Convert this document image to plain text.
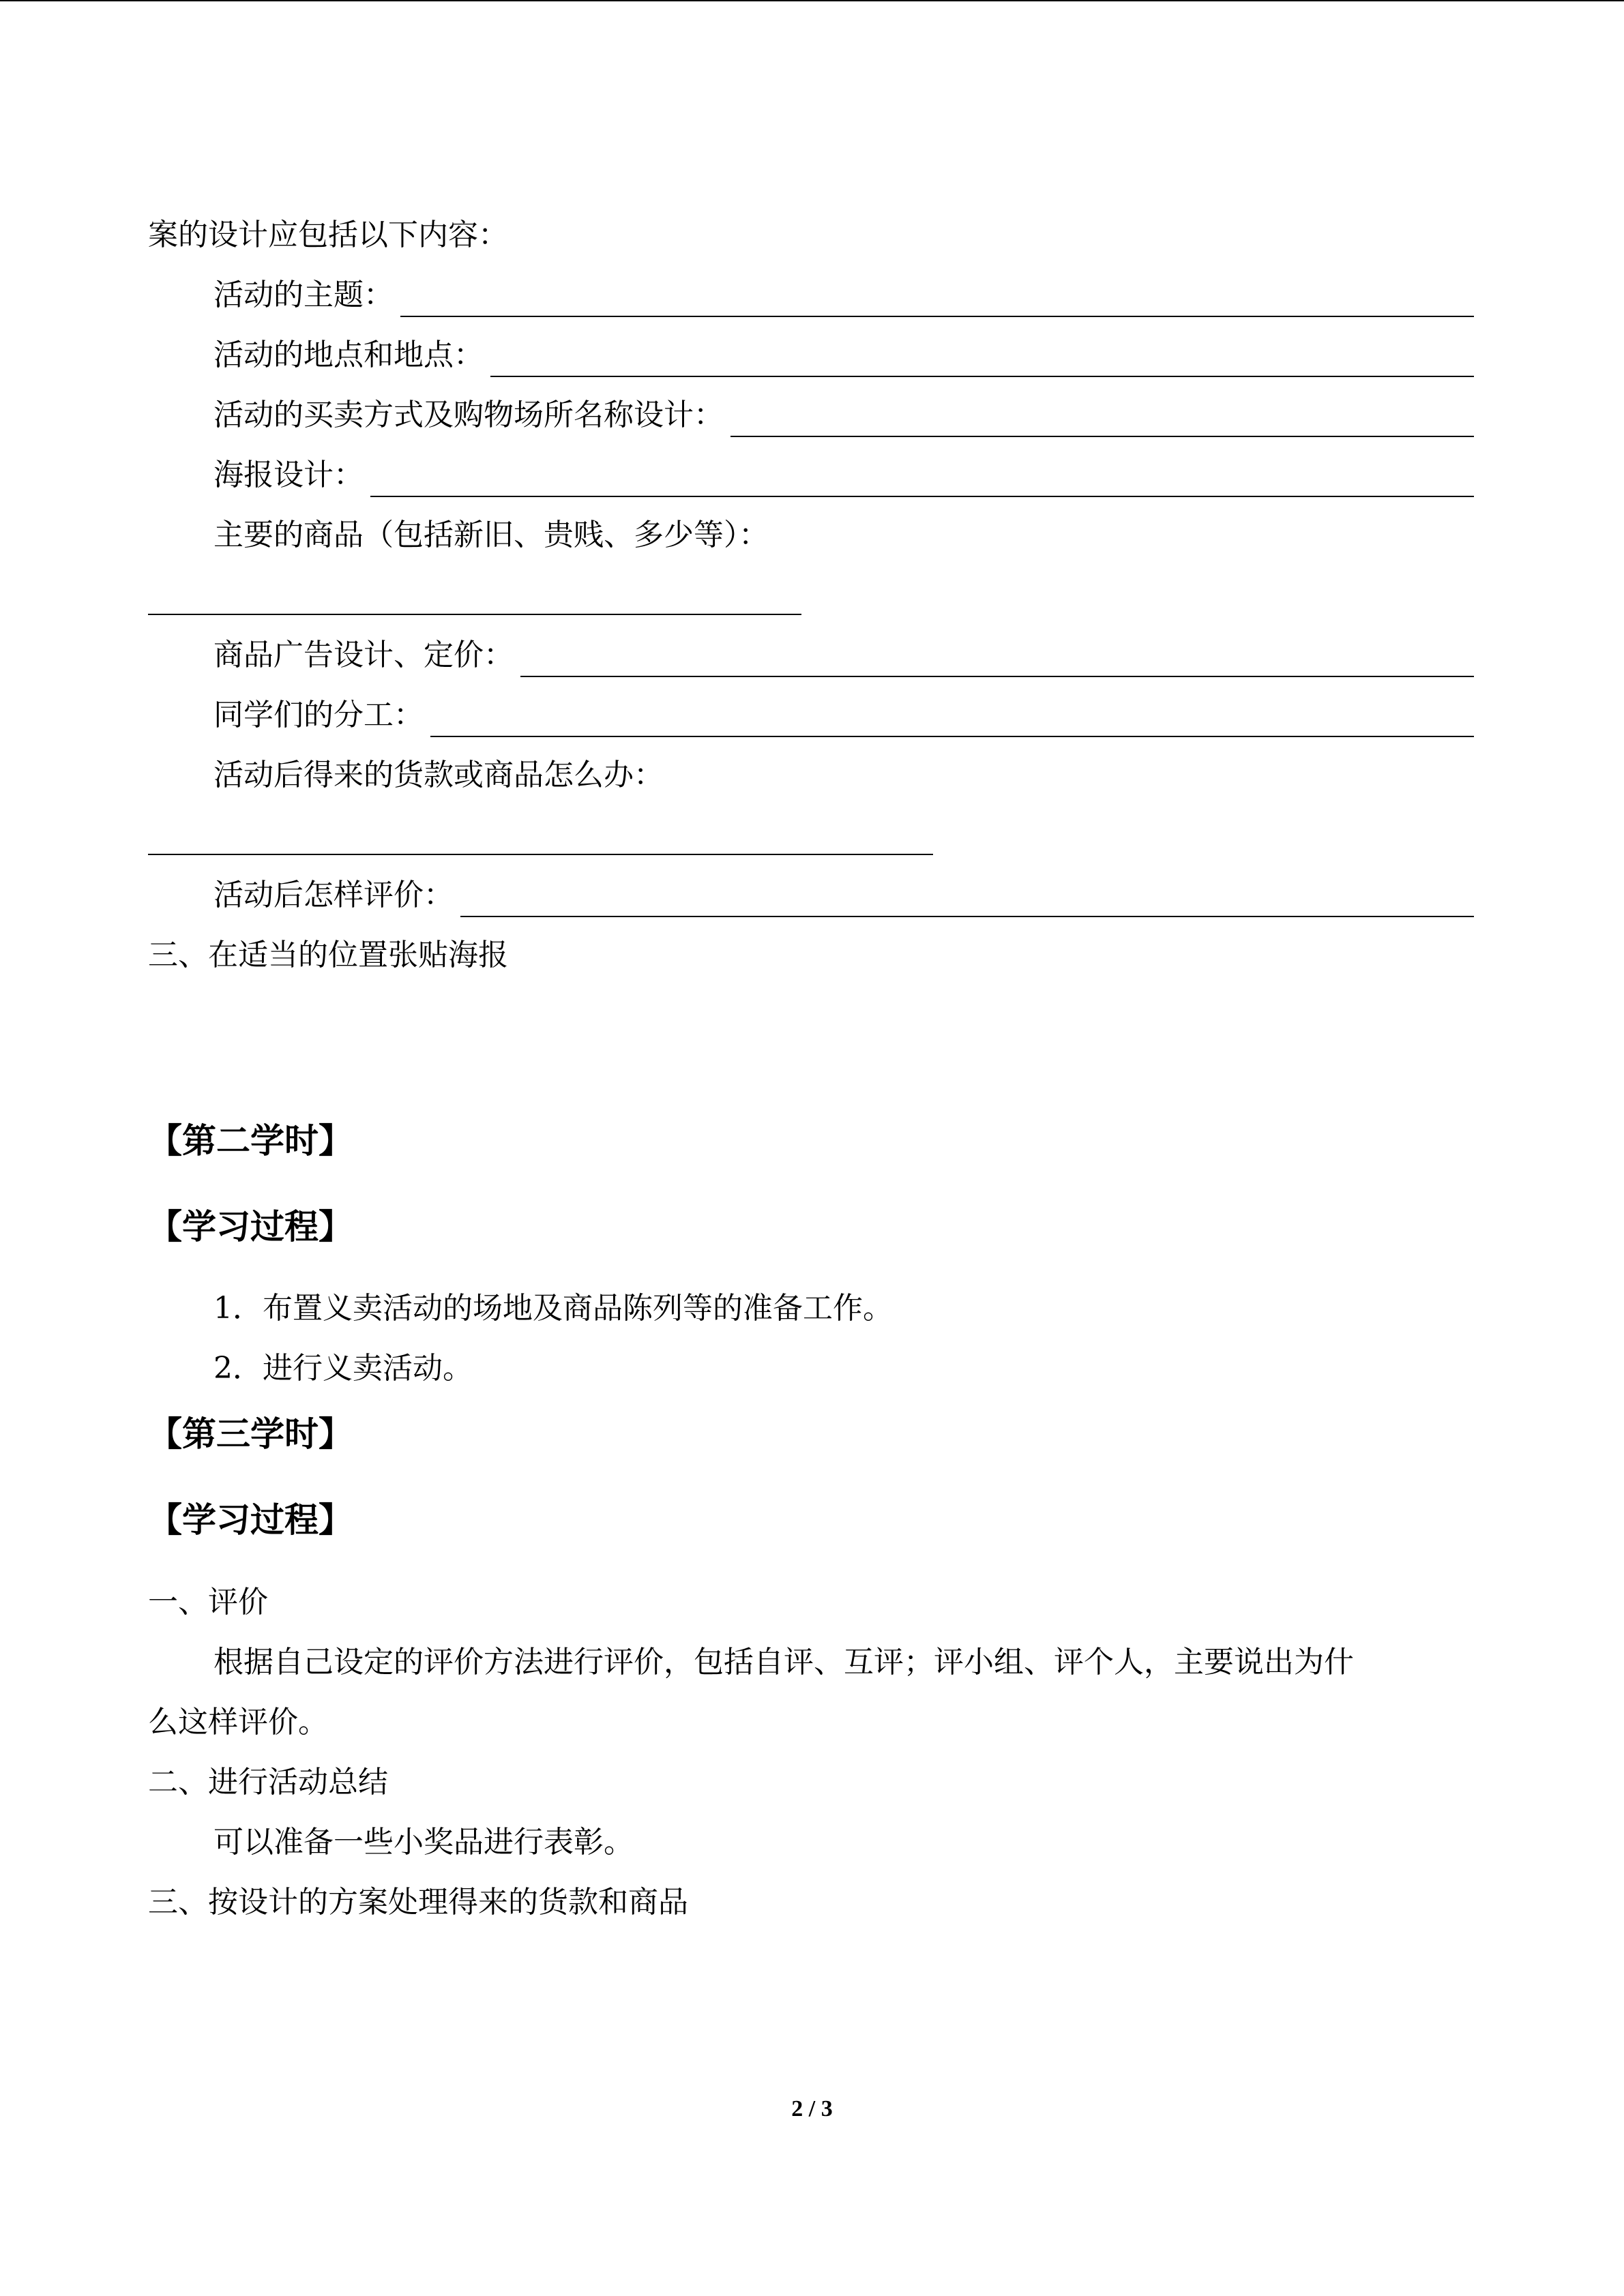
案的设计应包括以下内容：
活动的主题：
活动的地点和地点：
活动的买卖方式及购物场所名称设计：
海报设计：
主要的商品（包括新旧、贵贱、多少等）：
商品广告设计、定价：
同学们的分工：
活动后得来的货款或商品怎么办：
活动后怎样评价：
三、在适当的位置张贴海报
【第二学时】
【学习过程】
1．布置义卖活动的场地及商品陈列等的准备工作。
2．进行义卖活动。
【第三学时】
【学习过程】
一、评价
根据自己设定的评价方法进行评价，包括自评、互评；评小组、评个人，主要说出为什
么这样评价。
二、进行活动总结
可以准备一些小奖品进行表彰。
三、按设计的方案处理得来的货款和商品
2 / 3
